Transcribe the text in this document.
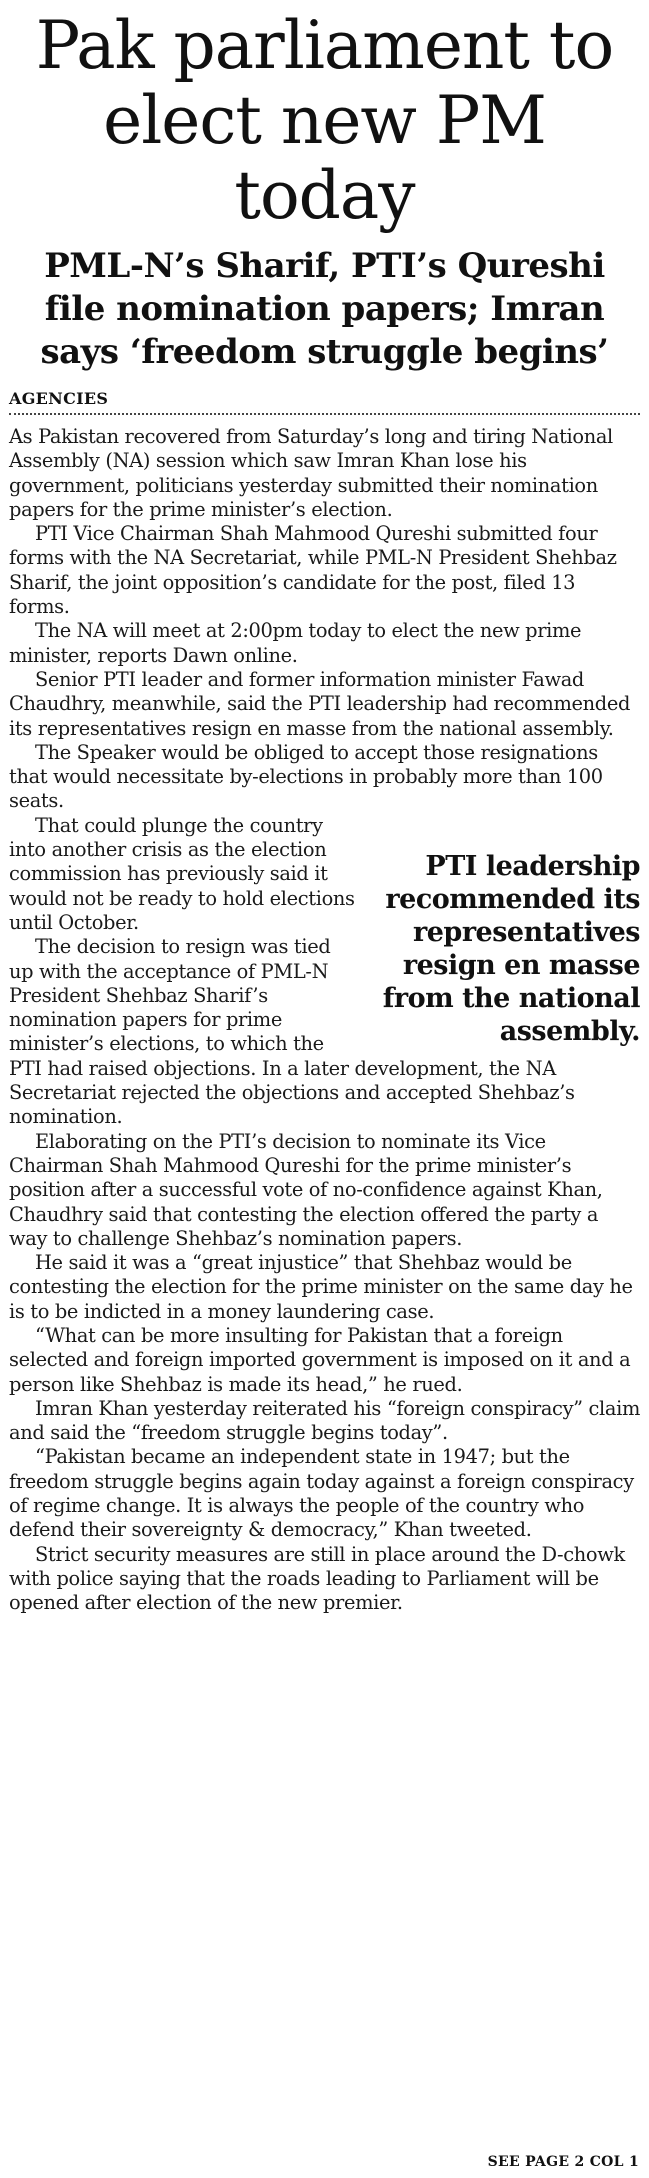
Pak parliament to elect new PM today
PML-N’s Sharif, PTI’s Qureshi file nomination papers; Imran says ‘freedom struggle begins’
AGENCIES

As Pakistan recovered from Saturday’s long and tiring National Assembly (NA) session which saw Imran Khan lose his government, politicians yesterday submitted their nomination papers for the prime minister’s election.

PTI Vice Chairman Shah Mahmood Qureshi submitted four forms with the NA Secretariat, while PML-N President Shehbaz Sharif, the joint opposition’s candidate for the post, filed 13 forms.

The NA will meet at 2:00pm today to elect the new prime minister, reports Dawn online.

Senior PTI leader and former information minister Fawad Chaudhry, meanwhile, said the PTI leadership had recommended its representatives resign en masse from the national assembly.

The Speaker would be obliged to accept those resignations that would necessitate by-elections in probably more than 100 seats.

PTI leadership recommended its representatives resign en masse from the national assembly.

That could plunge the country into another crisis as the election commission has previously said it would not be ready to hold elections until October.

The decision to resign was tied up with the acceptance of PML-N President Shehbaz Sharif’s nomination papers for prime minister’s elections, to which the PTI had raised objections. In a later development, the NA Secretariat rejected the objections and accepted Shehbaz’s nomination.

Elaborating on the PTI’s decision to nominate its Vice Chairman Shah Mahmood Qureshi for the prime minister’s position after a successful vote of no-confidence against Khan, Chaudhry said that contesting the election offered the party a way to challenge Shehbaz’s nomination papers.

He said it was a “great injustice” that Shehbaz would be contesting the election for the prime minister on the same day he is to be indicted in a money laundering case.

“What can be more insulting for Pakistan that a foreign selected and foreign imported government is imposed on it and a person like Shehbaz is made its head,” he rued.

Imran Khan yesterday reiterated his “foreign conspiracy” claim and said the “freedom struggle begins today”.

“Pakistan became an independent state in 1947; but the freedom struggle begins again today against a foreign conspiracy of regime change. It is always the people of the country who defend their sovereignty & democracy,” Khan tweeted.

Strict security measures are still in place around the D-chowk with police saying that the roads leading to Parliament will be opened after election of the new premier.

SEE PAGE 2 COL 1
